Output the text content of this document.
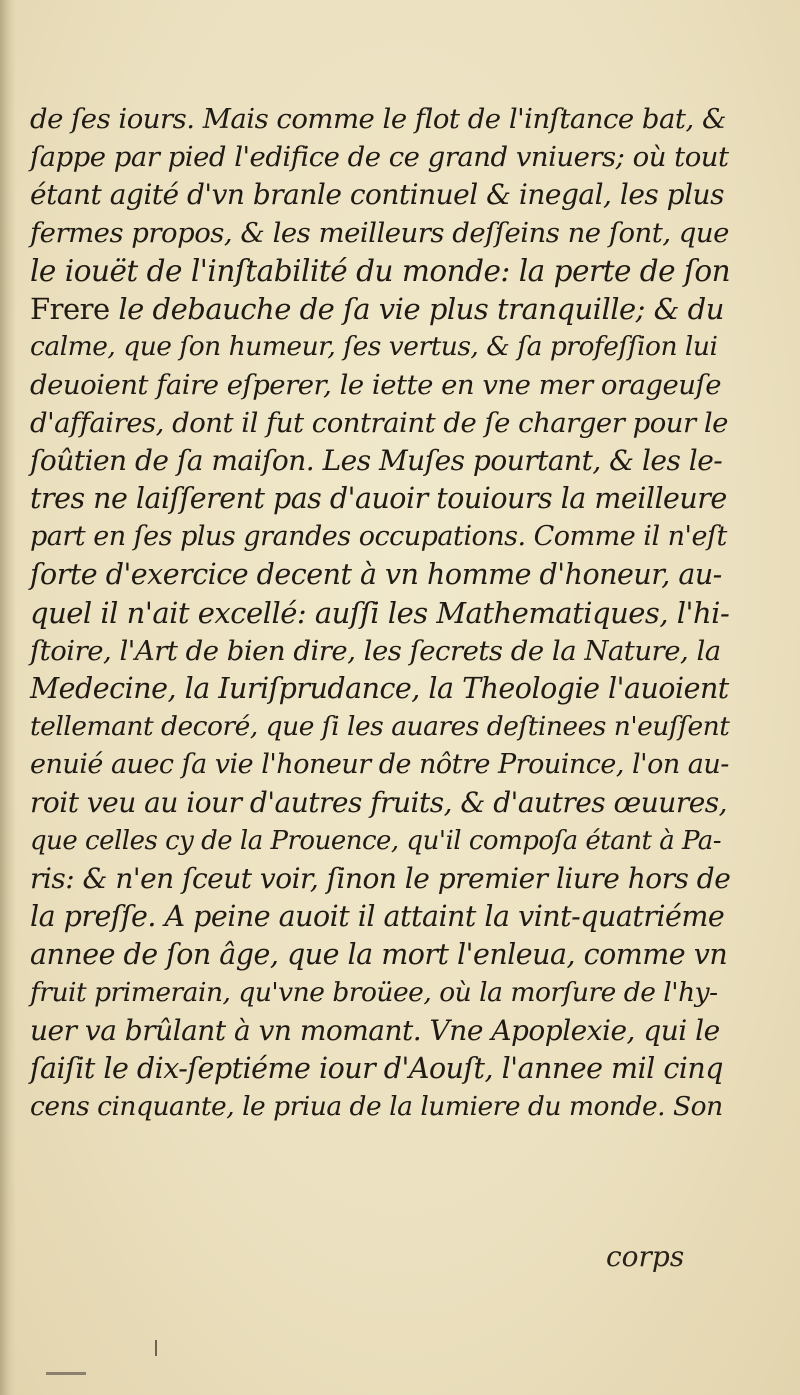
de ſes iours. Mais comme le flot de l'inſtance bat, &
ſappe par pied l'edifice de ce grand vniuers; où tout
étant agité d'vn branle continuel & inegal, les plus
fermes propos, & les meilleurs deſſeins ne ſont, que
le iouët de l'inſtabilité du monde: la perte de ſon
Frere le debauche de ſa vie plus tranquille; & du
calme, que ſon humeur, ſes vertus, & ſa profeſſion lui
deuoient faire eſperer, le iette en vne mer orageuſe
d'affaires, dont il fut contraint de ſe charger pour le
ſoûtien de ſa maiſon. Les Muſes pourtant, & les le-
tres ne laiſſerent pas d'auoir touiours la meilleure
part en ſes plus grandes occupations. Comme il n'eſt
ſorte d'exercice decent à vn homme d'honeur, au-
quel il n'ait excellé: auſſi les Mathematiques, l'hi-
ſtoire, l'Art de bien dire, les ſecrets de la Nature, la
Medecine, la Iuriſprudance, la Theologie l'auoient
tellemant decoré, que ſi les auares deſtinees n'euſſent
enuié auec ſa vie l'honeur de nôtre Prouince, l'on au-
roit veu au iour d'autres fruits, & d'autres œuures,
que celles cy de la Prouence, qu'il compoſa étant à Pa-
ris: & n'en ſceut voir, ſinon le premier liure hors de
la preſſe. A peine auoit il attaint la vint-quatriéme
annee de ſon âge, que la mort l'enleua, comme vn
fruit primerain, qu'vne broüee, où la morſure de l'hy-
uer va brûlant à vn momant. Vne Apoplexie, qui le
ſaiſit le dix-ſeptiéme iour d'Aouſt, l'annee mil cinq
cens cinquante, le priua de la lumiere du monde. Son
corps
